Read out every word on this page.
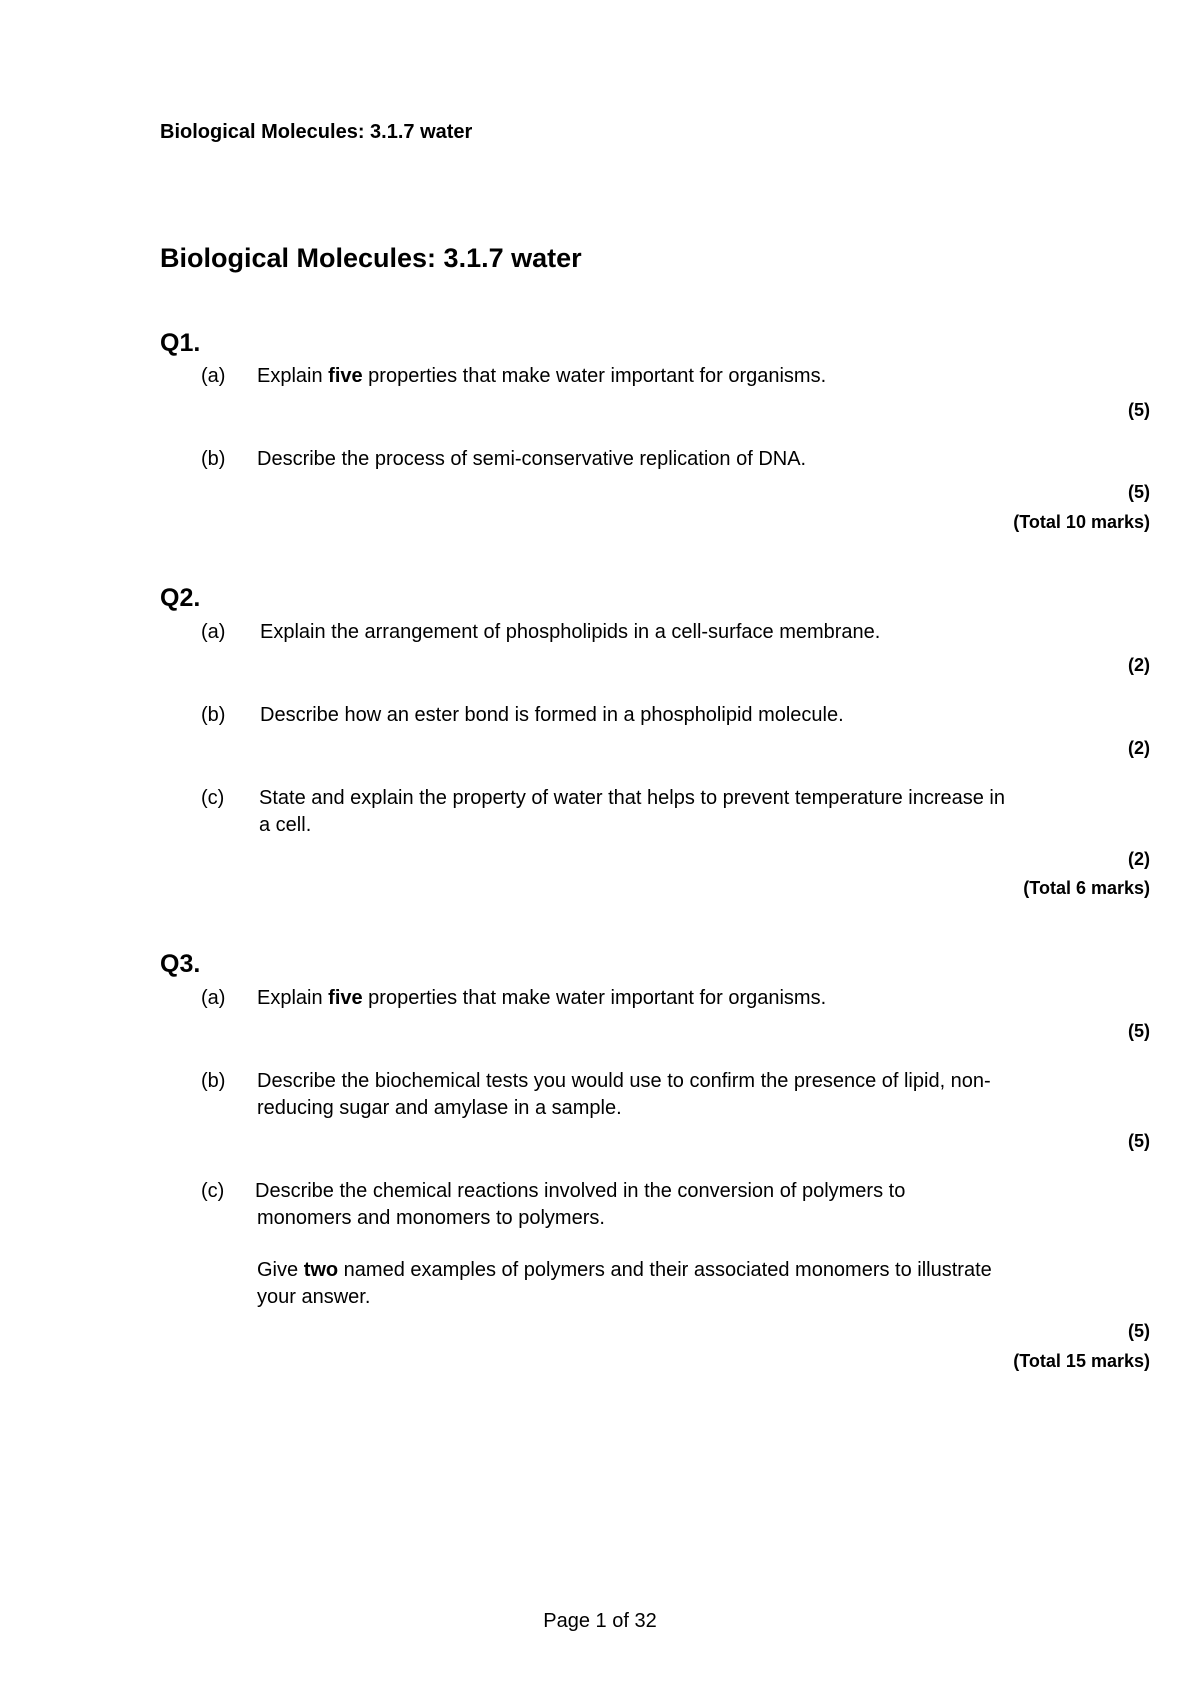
Biological Molecules: 3.1.7 water
Biological Molecules: 3.1.7 water
Q1.
(a) Explain five properties that make water important for organisms.
(5)
(b) Describe the process of semi-conservative replication of DNA.
(5)
(Total 10 marks)
Q2.
(a) Explain the arrangement of phospholipids in a cell-surface membrane.
(2)
(b) Describe how an ester bond is formed in a phospholipid molecule.
(2)
(c) State and explain the property of water that helps to prevent temperature increase in
a cell.
(2)
(Total 6 marks)
Q3.
(a) Explain five properties that make water important for organisms.
(5)
(b) Describe the biochemical tests you would use to confirm the presence of lipid, non-
reducing sugar and amylase in a sample.
(5)
(c) Describe the chemical reactions involved in the conversion of polymers to
monomers and monomers to polymers.
Give two named examples of polymers and their associated monomers to illustrate
your answer.
(5)
(Total 15 marks)
Page 1 of 32
